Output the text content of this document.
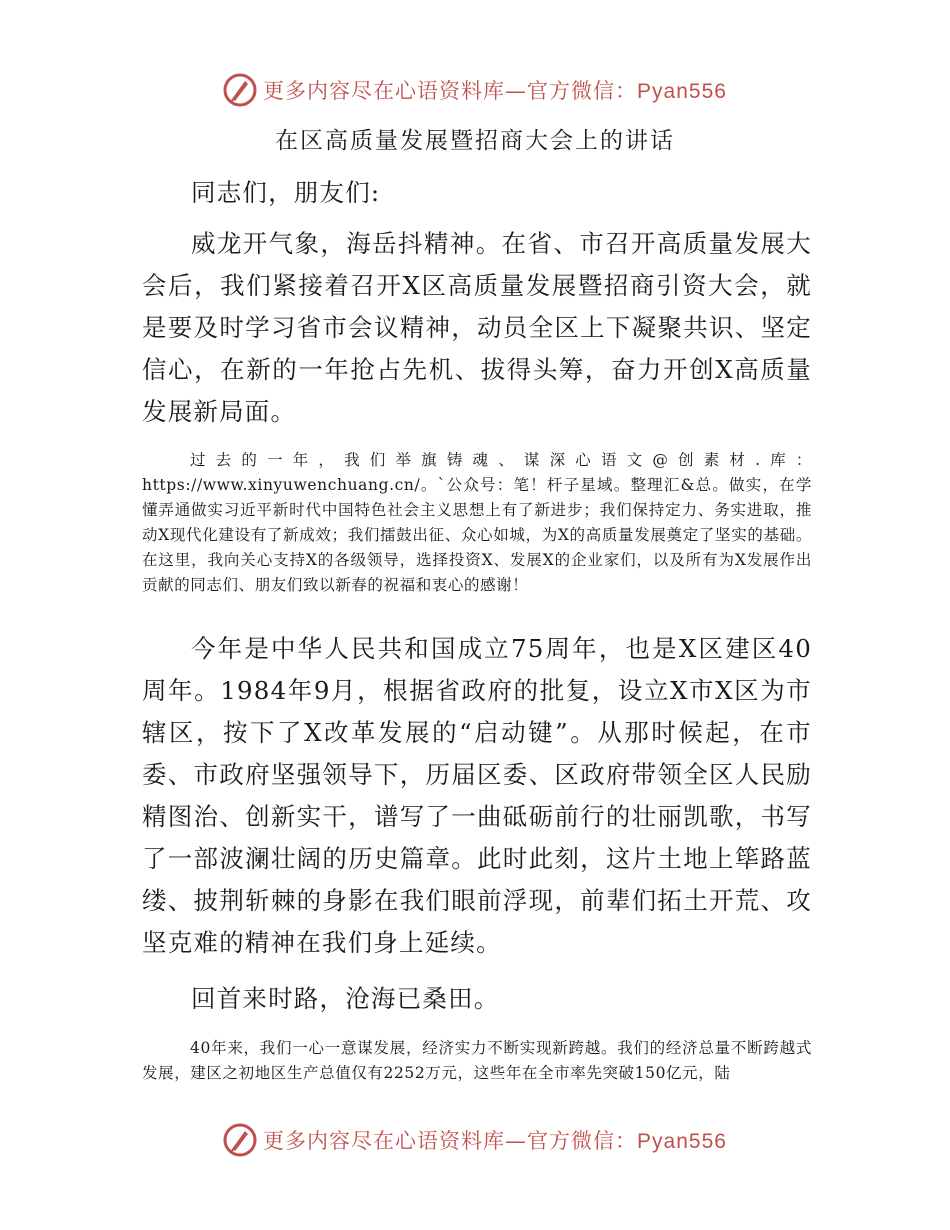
更多内容尽在心语资料库—官方微信：Pyan556
在区高质量发展暨招商大会上的讲话

同志们，朋友们:

威龙开气象，海岳抖精神。在省、市召开高质量发展大会后，我们紧接着召开X区高质量发展暨招商引资大会，就是要及时学习省市会议精神，动员全区上下凝聚共识、坚定信心，在新的一年抢占先机、拔得头筹，奋力开创X高质量发展新局面。

过去的一年，我们举旗铸魂、谋深心语文@创素材.库：https://www.xinyuwenchuang.cn/。`公众号：笔！杆子星域。整理汇&总。做实，在学懂弄通做实习近平新时代中国特色社会主义思想上有了新进步；我们保持定力、务实进取，推动X现代化建设有了新成效；我们擂鼓出征、众心如城，为X的高质量发展奠定了坚实的基础。在这里，我向关心支持X的各级领导，选择投资X、发展X的企业家们，以及所有为X发展作出贡献的同志们、朋友们致以新春的祝福和衷心的感谢！

今年是中华人民共和国成立75周年，也是X区建区40周年。1984年9月，根据省政府的批复，设立X市X区为市辖区，按下了X改革发展的“启动键”。从那时候起，在市委、市政府坚强领导下，历届区委、区政府带领全区人民励精图治、创新实干，谱写了一曲砥砺前行的壮丽凯歌，书写了一部波澜壮阔的历史篇章。此时此刻，这片土地上筚路蓝缕、披荆斩棘的身影在我们眼前浮现，前辈们拓土开荒、攻坚克难的精神在我们身上延续。

回首来时路，沧海已桑田。

40年来，我们一心一意谋发展，经济实力不断实现新跨越。我们的经济总量不断跨越式发展，建区之初地区生产总值仅有2252万元，这些年在全市率先突破150亿元，陆

更多内容尽在心语资料库—官方微信：Pyan556
